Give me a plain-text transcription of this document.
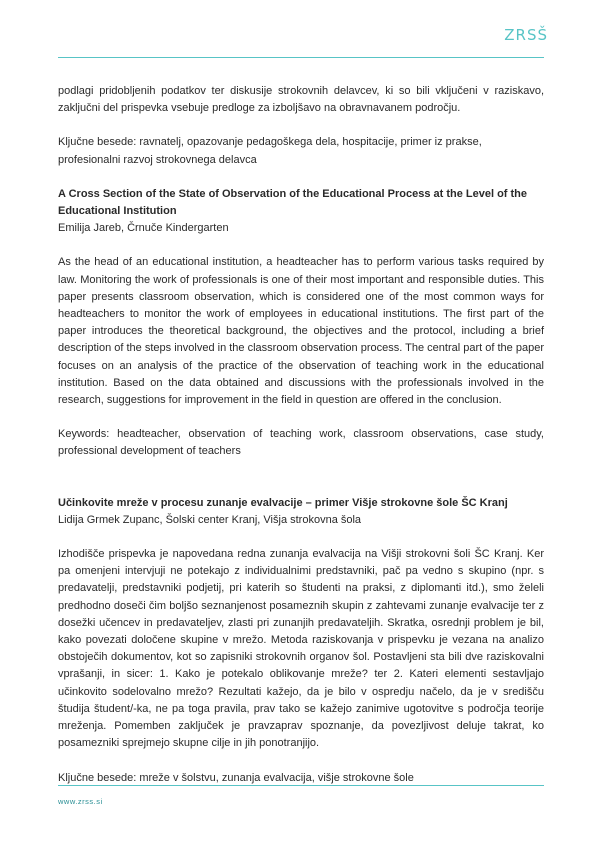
ZRSŠ

podlagi pridobljenih podatkov ter diskusije strokovnih delavcev, ki so bili vključeni v raziskavo, zaključni del prispevka vsebuje predloge za izboljšavo na obravnavanem področju.

Ključne besede: ravnatelj, opazovanje pedagoškega dela, hospitacije, primer iz prakse, profesionalni razvoj strokovnega delavca

A Cross Section of the State of Observation of the Educational Process at the Level of the Educational Institution

Emilija Jareb, Črnuče Kindergarten

As the head of an educational institution, a headteacher has to perform various tasks required by law. Monitoring the work of professionals is one of their most important and responsible duties. This paper presents classroom observation, which is considered one of the most common ways for headteachers to monitor the work of employees in educational institutions. The first part of the paper introduces the theoretical background, the objectives and the protocol, including a brief description of the steps involved in the classroom observation process. The central part of the paper focuses on an analysis of the practice of the observation of teaching work in the educational institution. Based on the data obtained and discussions with the professionals involved in the research, suggestions for improvement in the field in question are offered in the conclusion.

Keywords: headteacher, observation of teaching work, classroom observations, case study, professional development of teachers

Učinkovite mreže v procesu zunanje evalvacije – primer Višje strokovne šole ŠC Kranj

Lidija Grmek Zupanc, Šolski center Kranj, Višja strokovna šola

Izhodišče prispevka je napovedana redna zunanja evalvacija na Višji strokovni šoli ŠC Kranj. Ker pa omenjeni intervjuji ne potekajo z individualnimi predstavniki, pač pa vedno s skupino (npr. s predavatelji, predstavniki podjetij, pri katerih so študenti na praksi, z diplomanti itd.), smo želeli predhodno doseči čim boljšo seznanjenost posameznih skupin z zahtevami zunanje evalvacije ter z dosežki učencev in predavateljev, zlasti pri zunanjih predavateljih. Skratka, osrednji problem je bil, kako povezati določene skupine v mrežo. Metoda raziskovanja v prispevku je vezana na analizo obstoječih dokumentov, kot so zapisniki strokovnih organov šol. Postavljeni sta bili dve raziskovalni vprašanji, in sicer: 1. Kako je potekalo oblikovanje mreže? ter 2. Kateri elementi sestavljajo učinkovito sodelovalno mrežo? Rezultati kažejo, da je bilo v ospredju načelo, da je v središču študija študent/-ka, ne pa toga pravila, prav tako se kažejo zanimive ugotovitve s področja teorije mreženja. Pomemben zaključek je pravzaprav spoznanje, da povezljivost deluje takrat, ko posamezniki sprejmejo skupne cilje in jih ponotranjijo.

Ključne besede: mreže v šolstvu, zunanja evalvacija, višje strokovne šole

www.zrss.si
